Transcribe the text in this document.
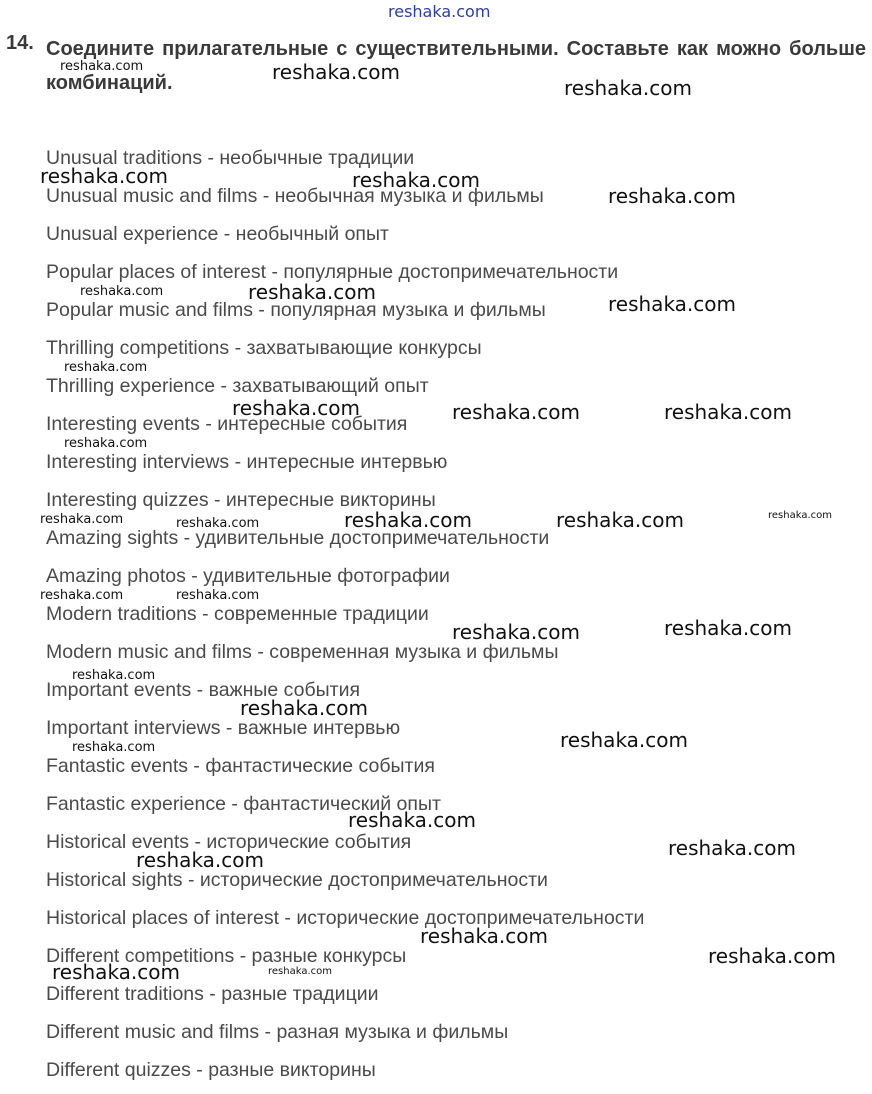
reshaka.com
14. Соедините прилагательные с существительными. Составьте как можно больше комбинаций.
Unusual traditions - необычные традиции
Unusual music and films - необычная музыка и фильмы
Unusual experience - необычный опыт
Popular places of interest - популярные достопримечательности
Popular music and films - популярная музыка и фильмы
Thrilling competitions - захватывающие конкурсы
Thrilling experience - захватывающий опыт
Interesting events - интересные события
Interesting interviews - интересные интервью
Interesting quizzes - интересные викторины
Amazing sights - удивительные достопримечательности
Amazing photos - удивительные фотографии
Modern traditions - современные традиции
Modern music and films - современная музыка и фильмы
Important events - важные события
Important interviews - важные интервью
Fantastic events - фантастические события
Fantastic experience - фантастический опыт
Historical events - исторические события
Historical sights - исторические достопримечательности
Historical places of interest - исторические достопримечательности
Different competitions - разные конкурсы
Different traditions - разные традиции
Different music and films - разная музыка и фильмы
Different quizzes - разные викторины
reshaka.com	reshaka.com
reshaka.com
reshaka.com	reshaka.com
reshaka.com
reshaka.com	reshaka.com	reshaka.com
reshaka.com
reshaka.com	reshaka.com	reshaka.com
reshaka.com
reshaka.com	reshaka.com	reshaka.com	reshaka.com	reshaka.com
reshaka.com	reshaka.com
reshaka.com	reshaka.com
reshaka.com
reshaka.com
reshaka.com
reshaka.com
reshaka.com
reshaka.com
reshaka.com
reshaka.com
reshaka.com
reshaka.com	reshaka.com
